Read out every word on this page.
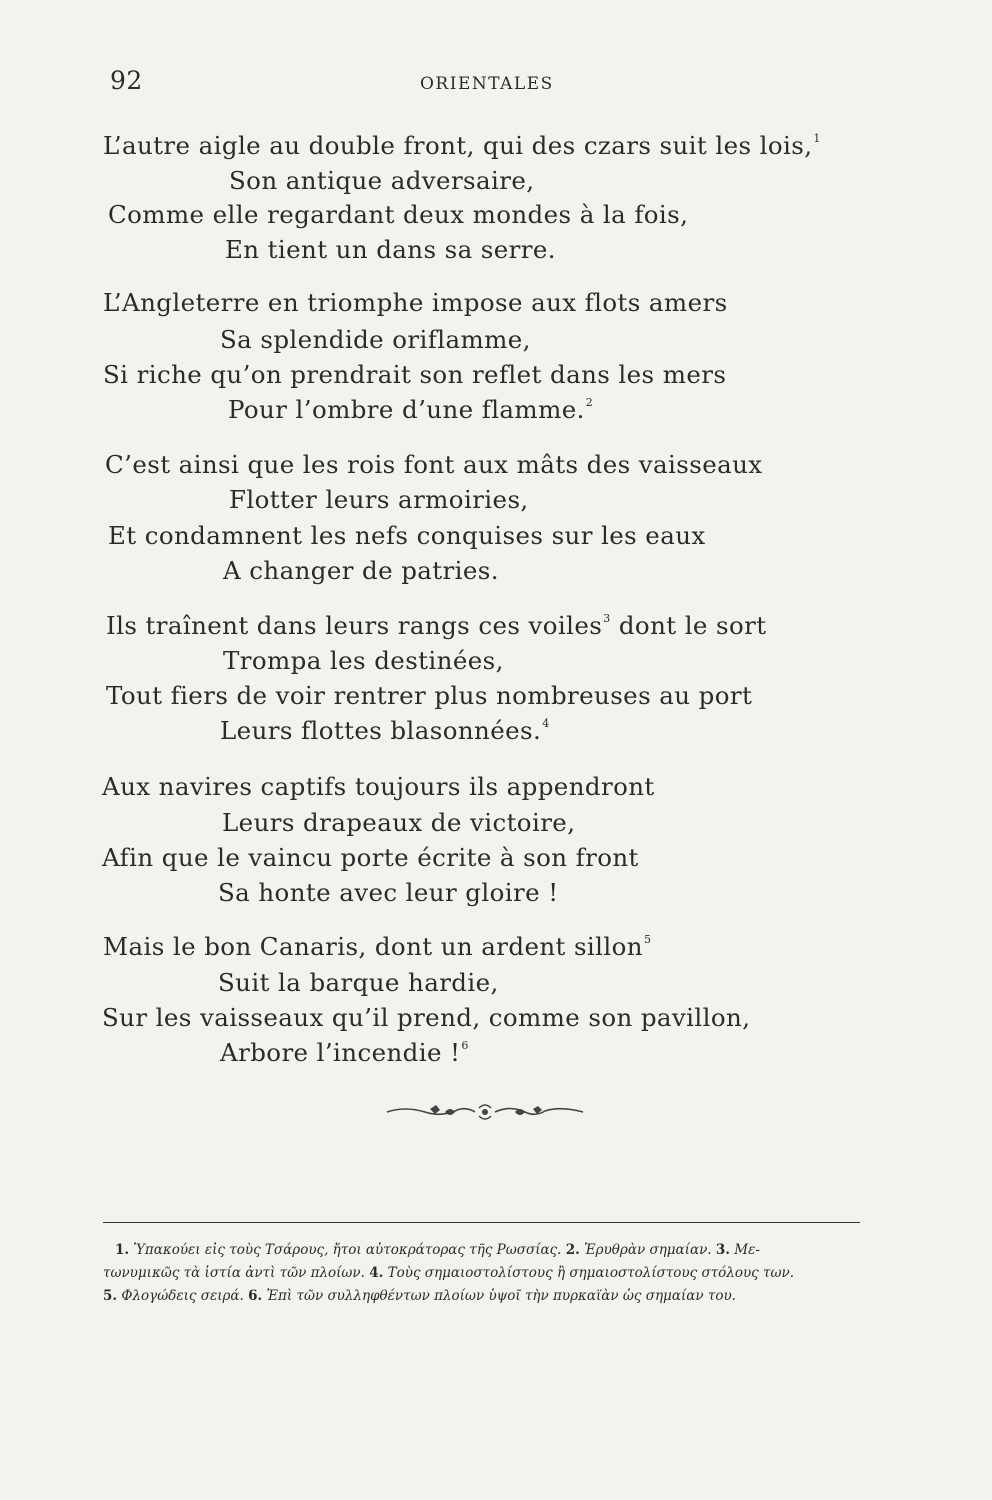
92	ORIENTALES
L’autre aigle au double front, qui des czars suit les lois,$^1$
Son antique adversaire,
Comme elle regardant deux mondes à la fois,
En tient un dans sa serre.
L’Angleterre en triomphe impose aux flots amers
Sa splendide oriflamme,
Si riche qu’on prendrait son reflet dans les mers
Pour l’ombre d’une flamme.$^2$
C’est ainsi que les rois font aux mâts des vaisseaux
Flotter leurs armoiries,
Et condamnent les nefs conquises sur les eaux
A changer de patries.
Ils traînent dans leurs rangs ces voiles$^3$ dont le sort
Trompa les destinées,
Tout fiers de voir rentrer plus nombreuses au port
Leurs flottes blasonnées.$^4$
Aux navires captifs toujours ils appendront
Leurs drapeaux de victoire,
Afin que le vaincu porte écrite à son front
Sa honte avec leur gloire !
Mais le bon Canaris, dont un ardent sillon$^5$
Suit la barque hardie,
Sur les vaisseaux qu’il prend, comme son pavillon,
Arbore l’incendie !$^6$
1. Ὑπακούει εἰς τοὺς Τσάρους, ἤτοι αὐτοκράτορας τῆς Ρωσσίας. 2. Ἐρυθρὰν σημαίαν. 3. Με-
τωνυμικῶς τὰ ἱστία ἀντὶ τῶν πλοίων. 4. Τοὺς σημαιοστολίστους ἢ σημαιοστολίστους στόλους των.
5. Φλογώδεις σειρά. 6. Ἐπὶ τῶν συλληφθέντων πλοίων ὑψοῖ τὴν πυρκαϊὰν ὡς σημαίαν του.
